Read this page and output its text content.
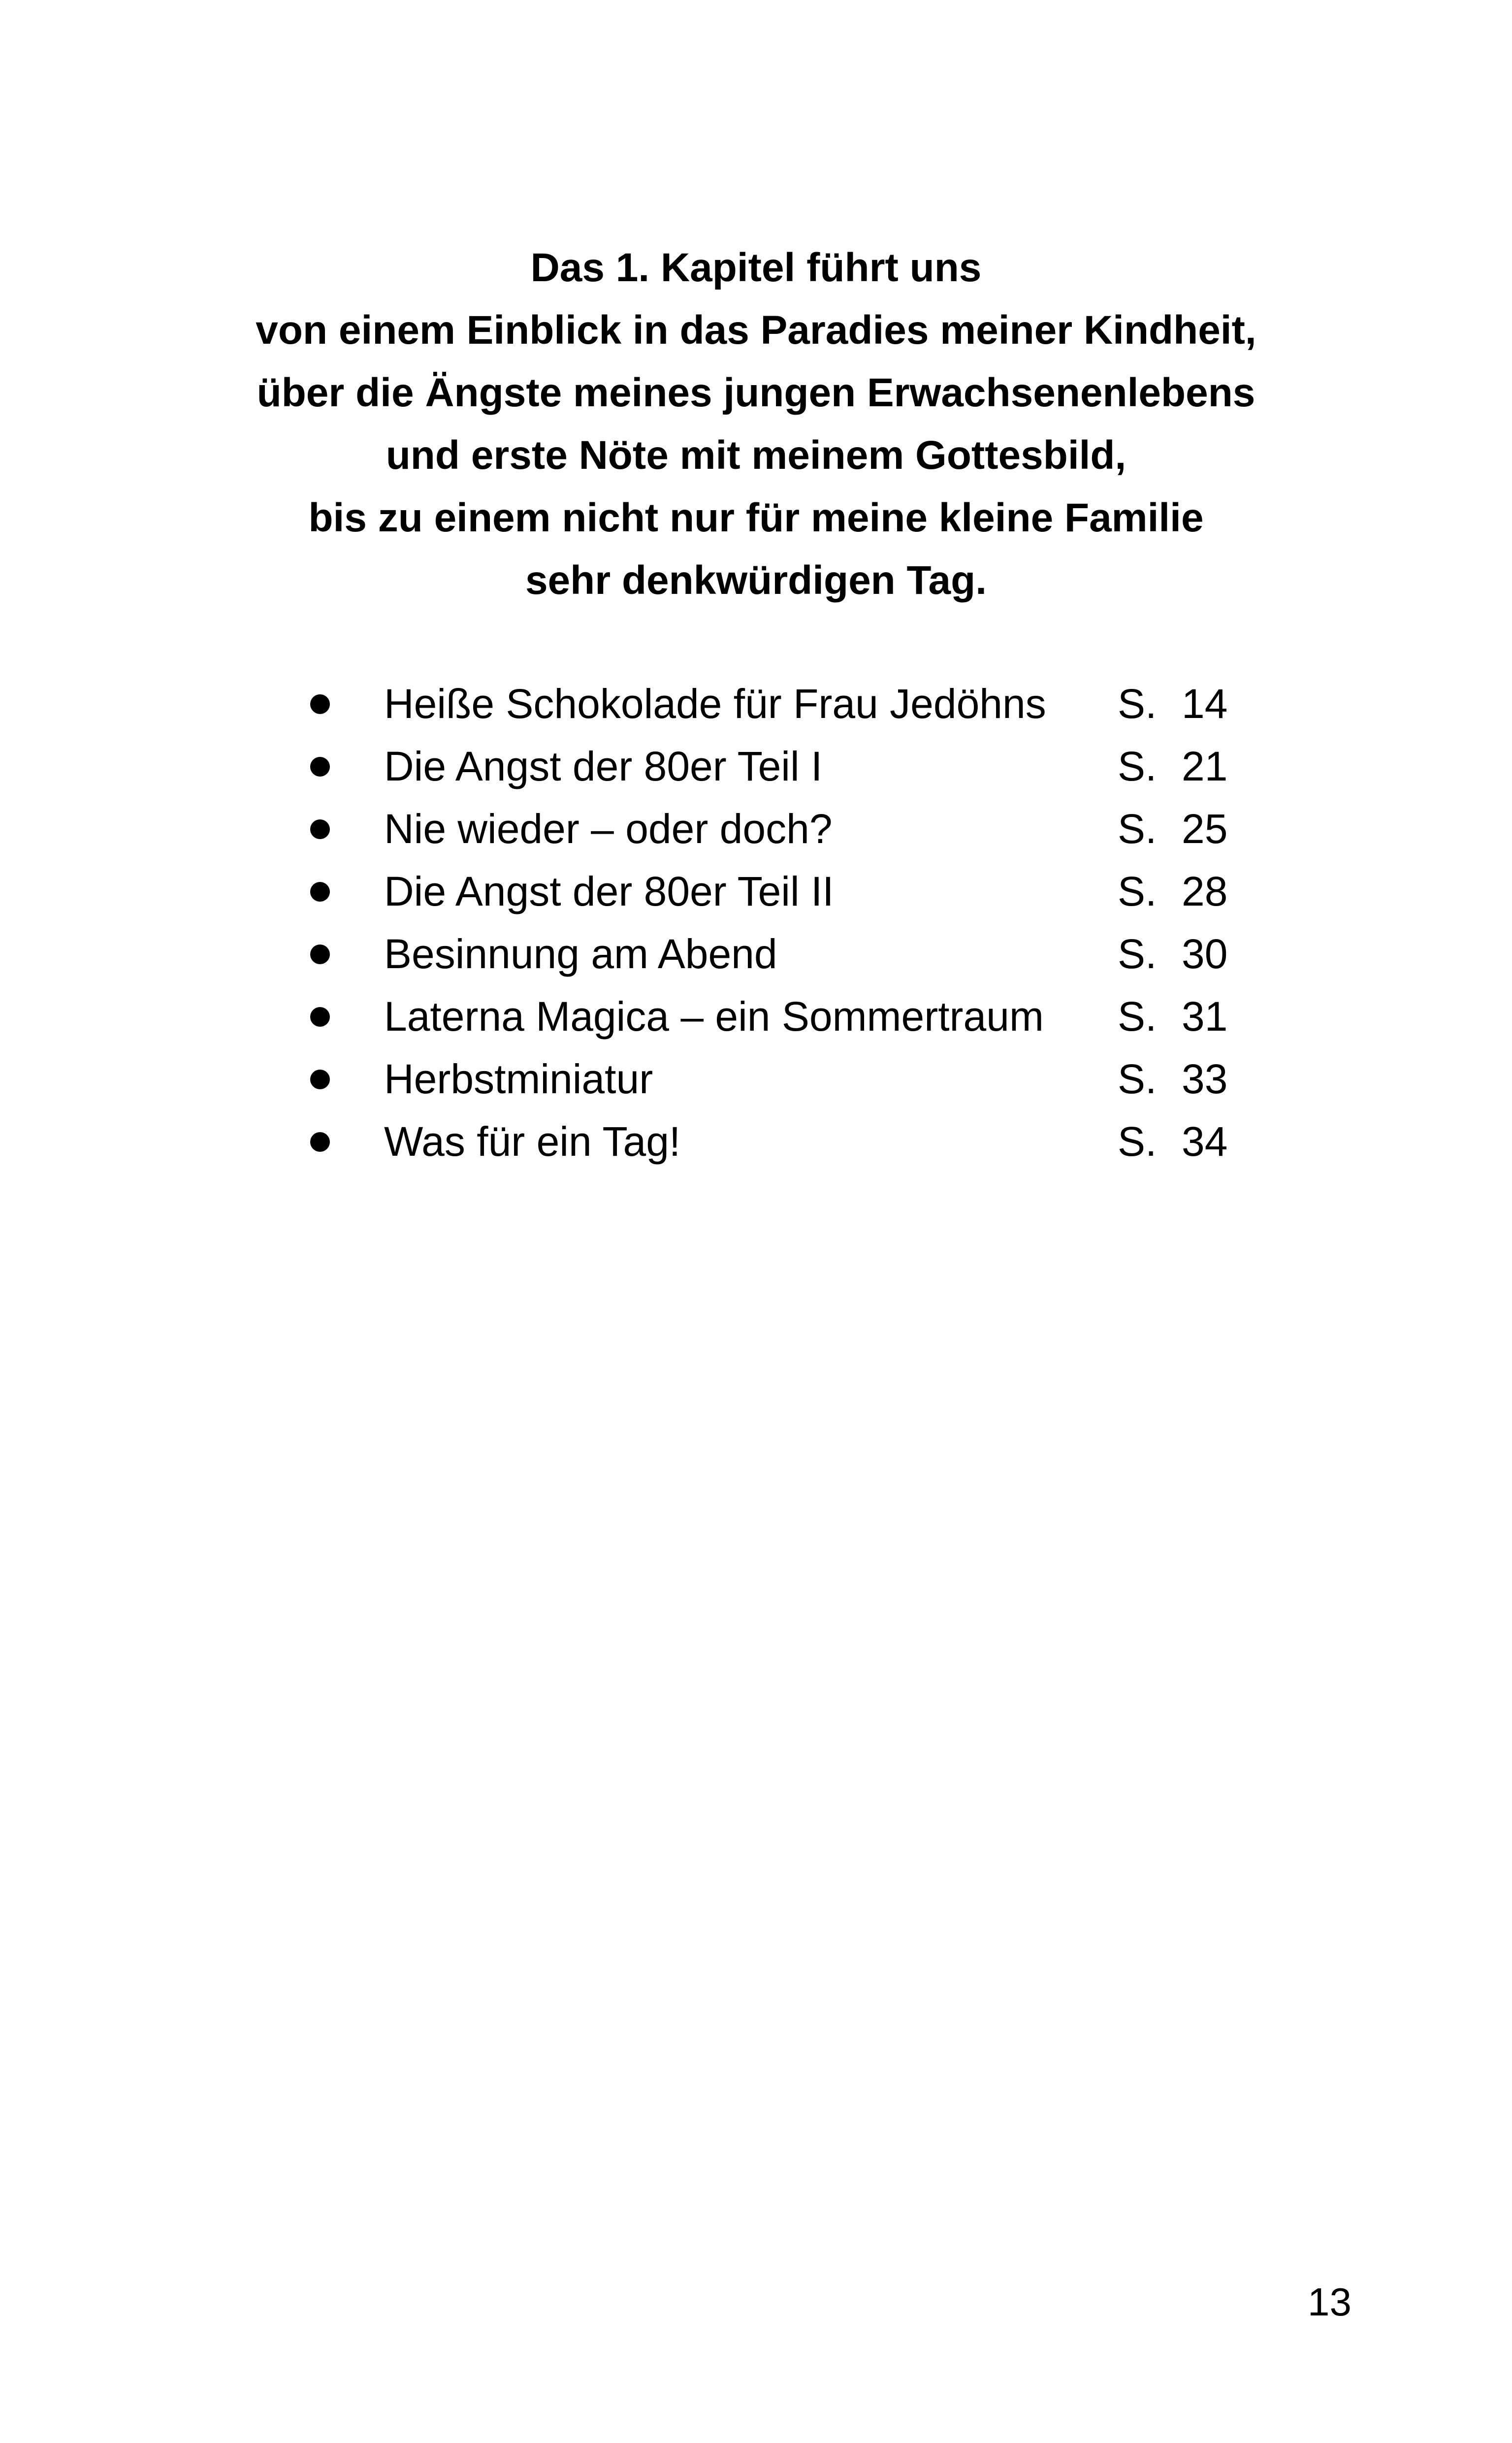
Das 1. Kapitel führt uns
von einem Einblick in das Paradies meiner Kindheit,
über die Ängste meines jungen Erwachsenenlebens
und erste Nöte mit meinem Gottesbild,
bis zu einem nicht nur für meine kleine Familie
sehr denkwürdigen Tag.
Heiße Schokolade für Frau Jedöhns S. 14
Die Angst der 80er Teil I	S. 21
Nie wieder – oder doch?	S. 25
Die Angst der 80er Teil II	S. 28
Besinnung am Abend	S. 30
Laterna Magica – ein Sommertraum S. 31
Herbstminiatur	S. 33
Was für ein Tag!	S. 34
13
